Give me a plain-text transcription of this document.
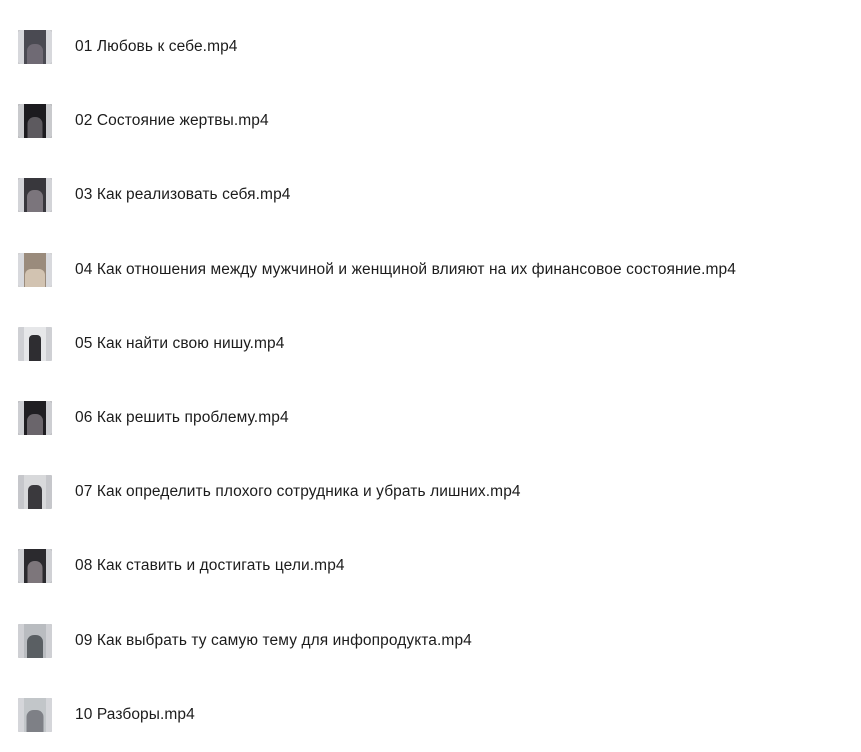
01 Любовь к себе.mp4
02 Состояние жертвы.mp4
03 Как реализовать себя.mp4
04 Как отношения между мужчиной и женщиной влияют на их финансовое состояние.mp4
05 Как найти свою нишу.mp4
06 Как решить проблему.mp4
07 Как определить плохого сотрудника и убрать лишних.mp4
08 Как ставить и достигать цели.mp4
09 Как выбрать ту самую тему для инфопродукта.mp4
10 Разборы.mp4
